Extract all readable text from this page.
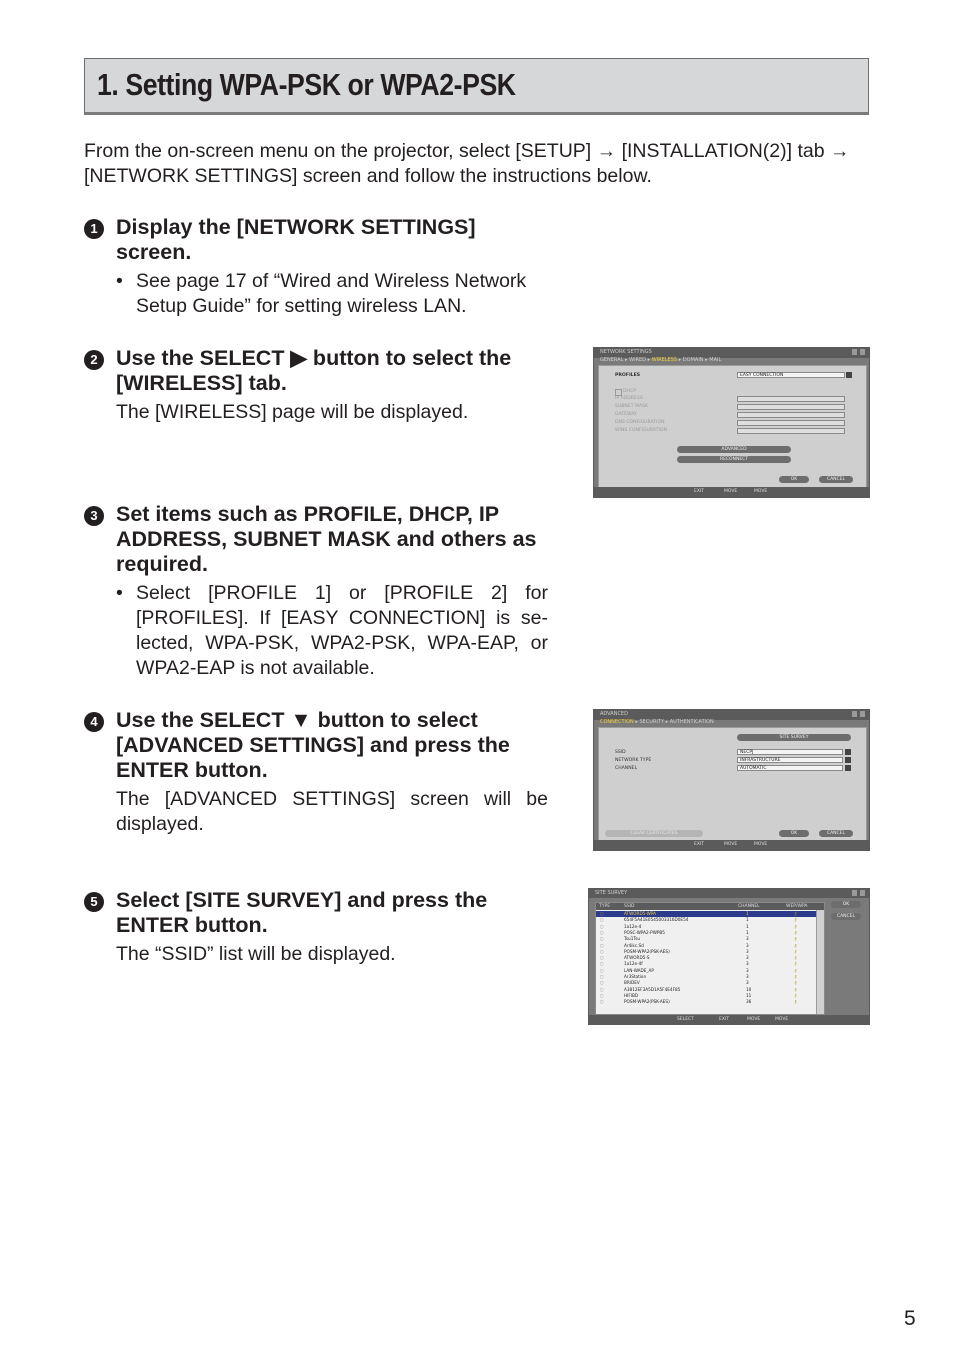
1. Setting WPA-PSK or WPA2-PSK
From the on-screen menu on the projector, select [SETUP] → [INSTALLATION(2)] tab → [NETWORK SETTINGS] screen and follow the instructions below.
1 Display the [NETWORK SETTINGS] screen.
• See page 17 of “Wired and Wireless Network Setup Guide” for setting wireless LAN.
2 Use the SELECT ▶ button to select the [WIRELESS] tab.
The [WIRELESS] page will be displayed.
3 Set items such as PROFILE, DHCP, IP ADDRESS, SUBNET MASK and others as required.
• Select [PROFILE 1] or [PROFILE 2] for [PROFILES]. If [EASY CONNECTION] is se-lected, WPA-PSK, WPA2-PSK, WPA-EAP, or WPA2-EAP is not available.
4 Use the SELECT ▼ button to select [ADVANCED SETTINGS] and press the ENTER button.
The [ADVANCED SETTINGS] screen will be displayed.
5 Select [SITE SURVEY] and press the ENTER button.
The “SSID” list will be displayed.
NETWORK SETTINGS
GENERAL ▸ WIRED ▸ WIRELESS ▸ DOMAIN ▸ MAIL
PROFILES	EASY CONNECTION
DHCP
IP ADDRESS
SUBNET MASK
GATEWAY
DNS CONFIGURATION
WINS CONFIGURATION
ADVANCED
RECONNECT
OK	CANCEL
EXIT	MOVE	MOVE
ADVANCED
CONNECTION ▸ SECURITY ▸ AUTHENTICATION
SITE SURVEY
SSID
NETWORK TYPE
CHANNEL
NECPJ
INFRASTRUCTURE
AUTOMATIC
CLEAR CERTIFICATES	OK	CANCEL
EXIT	MOVE	MOVE
SITE SURVEY
TYPE	SSID	CHANNEL	WEP/WPA
◌	ATWORD5-WPA	1	⚷
◌	654F5A41E0545003316D0E54	1	⚷
◌	1a12e-4	1	⚷
◌	POSC-WPA2-PWPB5	1	⚷
◌	Tsu1Tsu	3	⚷
◌	Ar4ikc.Sd	3	⚷
◌	POSM-WPA2(PSK-AES)	3	⚷
◌	ATWORD5-S	3	⚷
◌	1a12e-4f	3	⚷
◌	LAN-WADE_AP	3	⚷
◌	Ar3Station	3	⚷
◌	BRIDEV	3	⚷
◌	A3812EF3A5D1A5F4E4F85	10	⚷
◌	HIFIBD	11	⚷
◌	POSM-WPA2(PSK-AES)	36	⚷
OK
CANCEL
SELECT	EXIT	MOVE	MOVE
5
